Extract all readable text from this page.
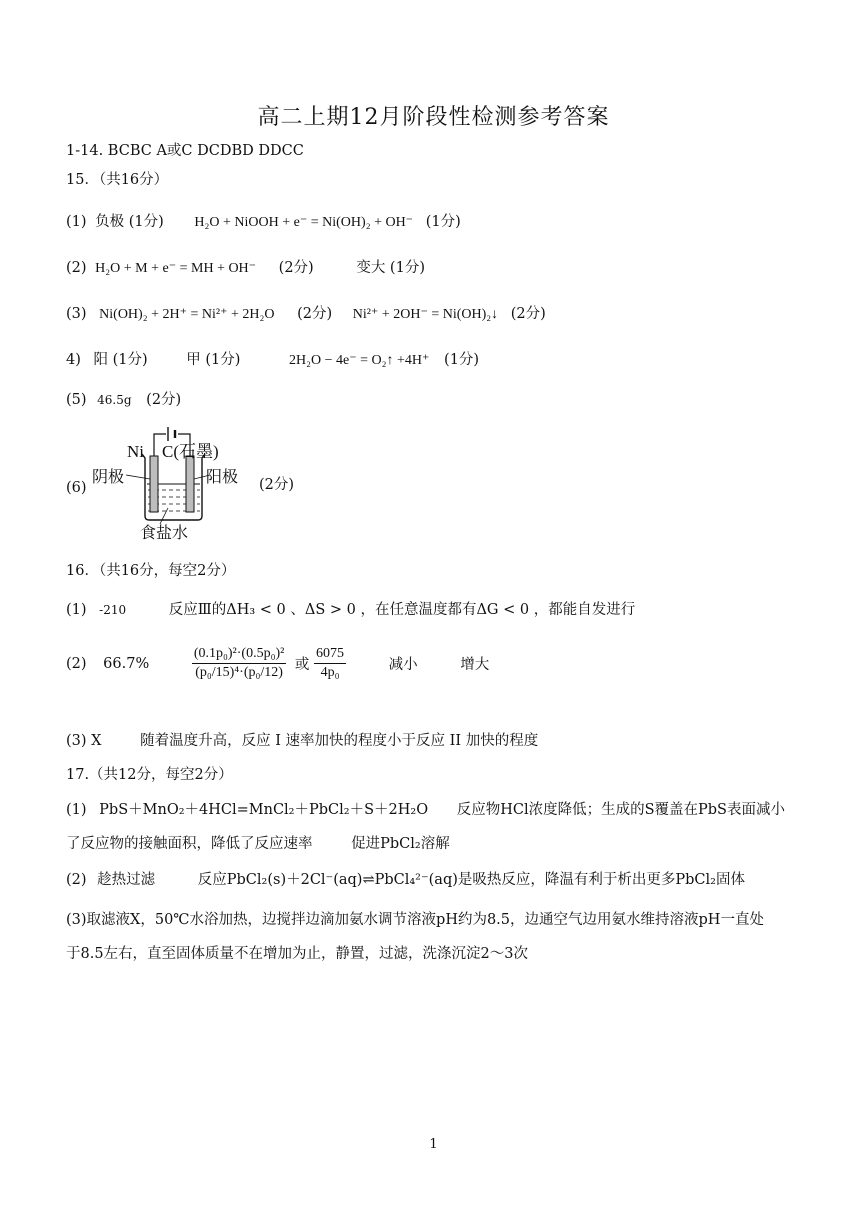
高二上期12月阶段性检测参考答案
1-14. BCBC A或C DCDBD DDCC
15．（共16分）
(1) 负极 (1分) H₂O + NiOOH + e⁻ = Ni(OH)₂ + OH⁻ (1分)
(2) H₂O + M + e⁻ = MH + OH⁻ (2分)	变大 (1分)
(3) Ni(OH)₂ + 2H⁺ = Ni²⁺ + 2H₂O (2分) Ni²⁺ + 2OH⁻ = Ni(OH)₂↓ (2分)
4) 阳 (1分)	甲 (1分)	2H₂O − 4e⁻ = O₂↑ +4H⁺ (1分)
(5) 46.5g (2分)
(6)	(2分)
Ni C(石墨)
阴极	阳极
食盐水
16．（共16分，每空2分）
(1) -210	反应Ⅲ的ΔH₃ < 0 、ΔS > 0 ，在任意温度都有ΔG < 0 ，都能自发进行
(2) 66.7%	$\frac{\text{(0.1p₀)²·(0.5p₀)²}}{\text{(p₀/15)⁴·(p₀/12)}}$ 或 $\frac{6075}{\text{4p₀}}$	减小	增大
(3) X	随着温度升高，反应 I 速率加快的程度小于反应 II 加快的程度
17.（共12分，每空2分）
(1) PbS＋MnO₂＋4HCl=MnCl₂＋PbCl₂＋S＋2H₂O 反应物HCl浓度降低；生成的S覆盖在PbS表面减小
了反应物的接触面积，降低了反应速率	促进PbCl₂溶解
(2) 趁热过滤	反应PbCl₂(s)＋2Cl⁻(aq)⇌PbCl₄²⁻(aq)是吸热反应，降温有利于析出更多PbCl₂固体
(3)取滤液X，50℃水浴加热，边搅拌边滴加氨水调节溶液pH约为8.5，边通空气边用氨水维持溶液pH一直处
于8.5左右，直至固体质量不在增加为止，静置，过滤，洗涤沉淀2～3次
1
